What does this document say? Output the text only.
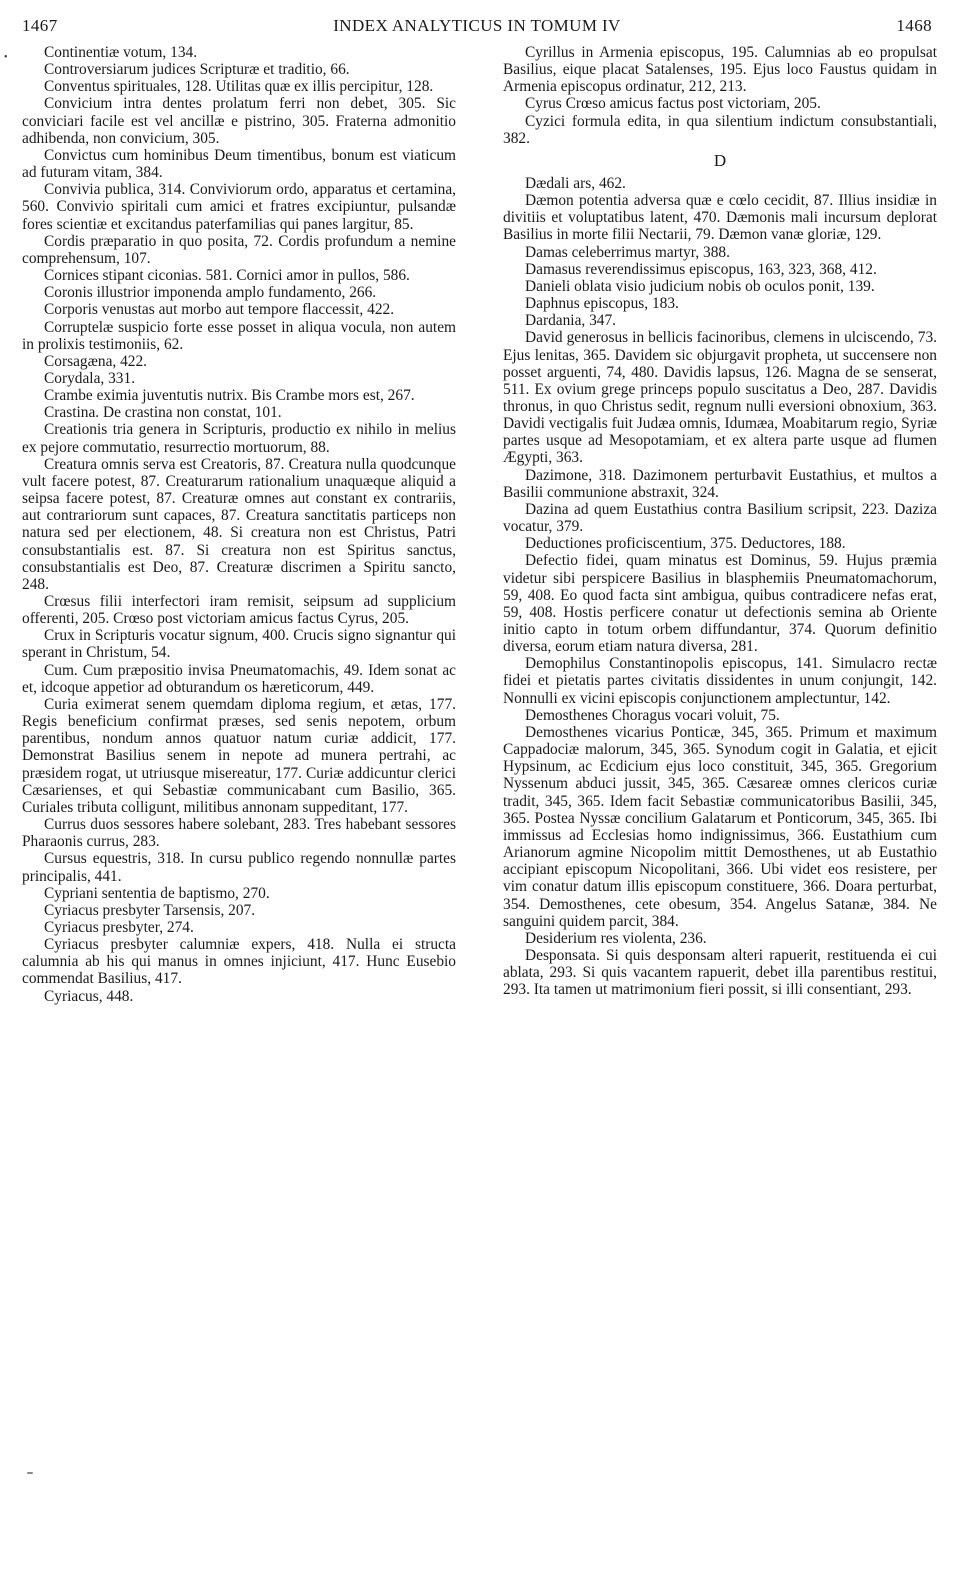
1467	INDEX ANALYTICUS IN TOMUM IV	1468
•	Continentiæ votum, 134.

Controversiarum judices Scripturæ et traditio, 66.

Conventus spirituales, 128. Utilitas quæ ex illis percipitur, 128.

Convicium intra dentes prolatum ferri non debet, 305. Sic conviciari facile est vel ancillæ e pistrino, 305. Fraterna admonitio adhibenda, non convicium, 305.

Convictus cum hominibus Deum timentibus, bonum est viaticum ad futuram vitam, 384.

Convivia publica, 314. Conviviorum ordo, apparatus et certamina, 560. Convivio spiritali cum amici et fratres excipiuntur, pulsandæ fores scientiæ et excitandus paterfamilias qui panes largitur, 85.

Cordis præparatio in quo posita, 72. Cordis profundum a nemine comprehensum, 107.

Cornices stipant ciconias. 581. Cornici amor in pullos, 586.

Coronis illustrior imponenda amplo fundamento, 266.

Corporis venustas aut morbo aut tempore flaccessit, 422.

Corruptelæ suspicio forte esse posset in aliqua vocula, non autem in prolixis testimoniis, 62.

Corsagæna, 422.

Corydala, 331.

Crambe eximia juventutis nutrix. Bis Crambe mors est, 267.

Crastina. De crastina non constat, 101.

Creationis tria genera in Scripturis, productio ex nihilo in melius ex pejore commutatio, resurrectio mortuorum, 88.

Creatura omnis serva est Creatoris, 87. Creatura nulla quodcunque vult facere potest, 87. Creaturarum rationalium unaquæque aliquid a seipsa facere potest, 87. Creaturæ omnes aut constant ex contrariis, aut contrariorum sunt capaces, 87. Creatura sanctitatis particeps non natura sed per electionem, 48. Si creatura non est Christus, Patri consubstantialis est. 87. Si creatura non est Spiritus sanctus, consubstantialis est Deo, 87. Creaturæ discrimen a Spiritu sancto, 248.

Crœsus filii interfectori iram remisit, seipsum ad supplicium offerenti, 205. Crœso post victoriam amicus factus Cyrus, 205.

Crux in Scripturis vocatur signum, 400. Crucis signo signantur qui sperant in Christum, 54.

Cum. Cum præpositio invisa Pneumatomachis, 49. Idem sonat ac et, idcoque appetior ad obturandum os hæreticorum, 449.

Curia eximerat senem quemdam diploma regium, et ætas, 177. Regis beneficium confirmat præses, sed senis nepotem, orbum parentibus, nondum annos quatuor natum curiæ addicit, 177. Demonstrat Basilius senem in nepote ad munera pertrahi, ac præsidem rogat, ut utriusque misereatur, 177. Curiæ addicuntur clerici Cæsarienses, et qui Sebastiæ communicabant cum Basilio, 365. Curiales tributa colligunt, militibus annonam suppeditant, 177.

Currus duos sessores habere solebant, 283. Tres habebant sessores Pharaonis currus, 283.

Cursus equestris, 318. In cursu publico regendo nonnullæ partes principalis, 441.

Cypriani sententia de baptismo, 270.

Cyriacus presbyter Tarsensis, 207.

Cyriacus presbyter, 274.

Cyriacus presbyter calumniæ expers, 418. Nulla ei structa calumnia ab his qui manus in omnes injiciunt, 417. Hunc Eusebio commendat Basilius, 417.

Cyriacus, 448.

Cyrillus in Armenia episcopus, 195. Calumnias ab eo propulsat Basilius, eique placat Satalenses, 195. Ejus loco Faustus quidam in Armenia episcopus ordinatur, 212, 213.

Cyrus Crœso amicus factus post victoriam, 205.

Cyzici formula edita, in qua silentium indictum consubstantiali, 382.

D

Dædali ars, 462.

Dæmon potentia adversa quæ e cœlo cecidit, 87. Illius insidiæ in divitiis et voluptatibus latent, 470. Dæmonis mali incursum deplorat Basilius in morte filii Nectarii, 79. Dæmon vanæ gloriæ, 129.

Damas celeberrimus martyr, 388.

Damasus reverendissimus episcopus, 163, 323, 368, 412.

Danieli oblata visio judicium nobis ob oculos ponit, 139.

Daphnus episcopus, 183.

Dardania, 347.

David generosus in bellicis facinoribus, clemens in ulciscendo, 73. Ejus lenitas, 365. Davidem sic objurgavit propheta, ut succensere non posset arguenti, 74, 480. Davidis lapsus, 126. Magna de se senserat, 511. Ex ovium grege princeps populo suscitatus a Deo, 287. Davidis thronus, in quo Christus sedit, regnum nulli eversioni obnoxium, 363. Davidi vectigalis fuit Judæa omnis, Idumæa, Moabitarum regio, Syriæ partes usque ad Mesopotamiam, et ex altera parte usque ad flumen Ægypti, 363.

Dazimone, 318. Dazimonem perturbavit Eustathius, et multos a Basilii communione abstraxit, 324.

Dazina ad quem Eustathius contra Basilium scripsit, 223. Daziza vocatur, 379.

Deductiones proficiscentium, 375. Deductores, 188.

Defectio fidei, quam minatus est Dominus, 59. Hujus præmia videtur sibi perspicere Basilius in blasphemiis Pneumatomachorum, 59, 408. Eo quod facta sint ambigua, quibus contradicere nefas erat, 59, 408. Hostis perficere conatur ut defectionis semina ab Oriente initio capto in totum orbem diffundantur, 374. Quorum definitio diversa, eorum etiam natura diversa, 281.

Demophilus Constantinopolis episcopus, 141. Simulacro rectæ fidei et pietatis partes civitatis dissidentes in unum conjungit, 142. Nonnulli ex vicini episcopis conjunctionem amplectuntur, 142.

Demosthenes Choragus vocari voluit, 75.

Demosthenes vicarius Ponticæ, 345, 365. Primum et maximum Cappadociæ malorum, 345, 365. Synodum cogit in Galatia, et ejicit Hypsinum, ac Ecdicium ejus loco constituit, 345, 365. Gregorium Nyssenum abduci jussit, 345, 365. Cæsareæ omnes clericos curiæ tradit, 345, 365. Idem facit Sebastiæ communicatoribus Basilii, 345, 365. Postea Nyssæ concilium Galatarum et Ponticorum, 345, 365. Ibi immissus ad Ecclesias homo indignissimus, 366. Eustathium cum Arianorum agmine Nicopolim mittit Demosthenes, ut ab Eustathio accipiant episcopum Nicopolitani, 366. Ubi videt eos resistere, per vim conatur datum illis episcopum constituere, 366. Doara perturbat, 354. Demosthenes, cete obesum, 354. Angelus Satanæ, 384. Ne sanguini quidem parcit, 384.

Desiderium res violenta, 236.

Desponsata. Si quis desponsam alteri rapuerit, restituenda ei cui ablata, 293. Si quis vacantem rapuerit, debet illa parentibus restitui, 293. Ita tamen ut matrimonium fieri possit, si illi consentiant, 293.
